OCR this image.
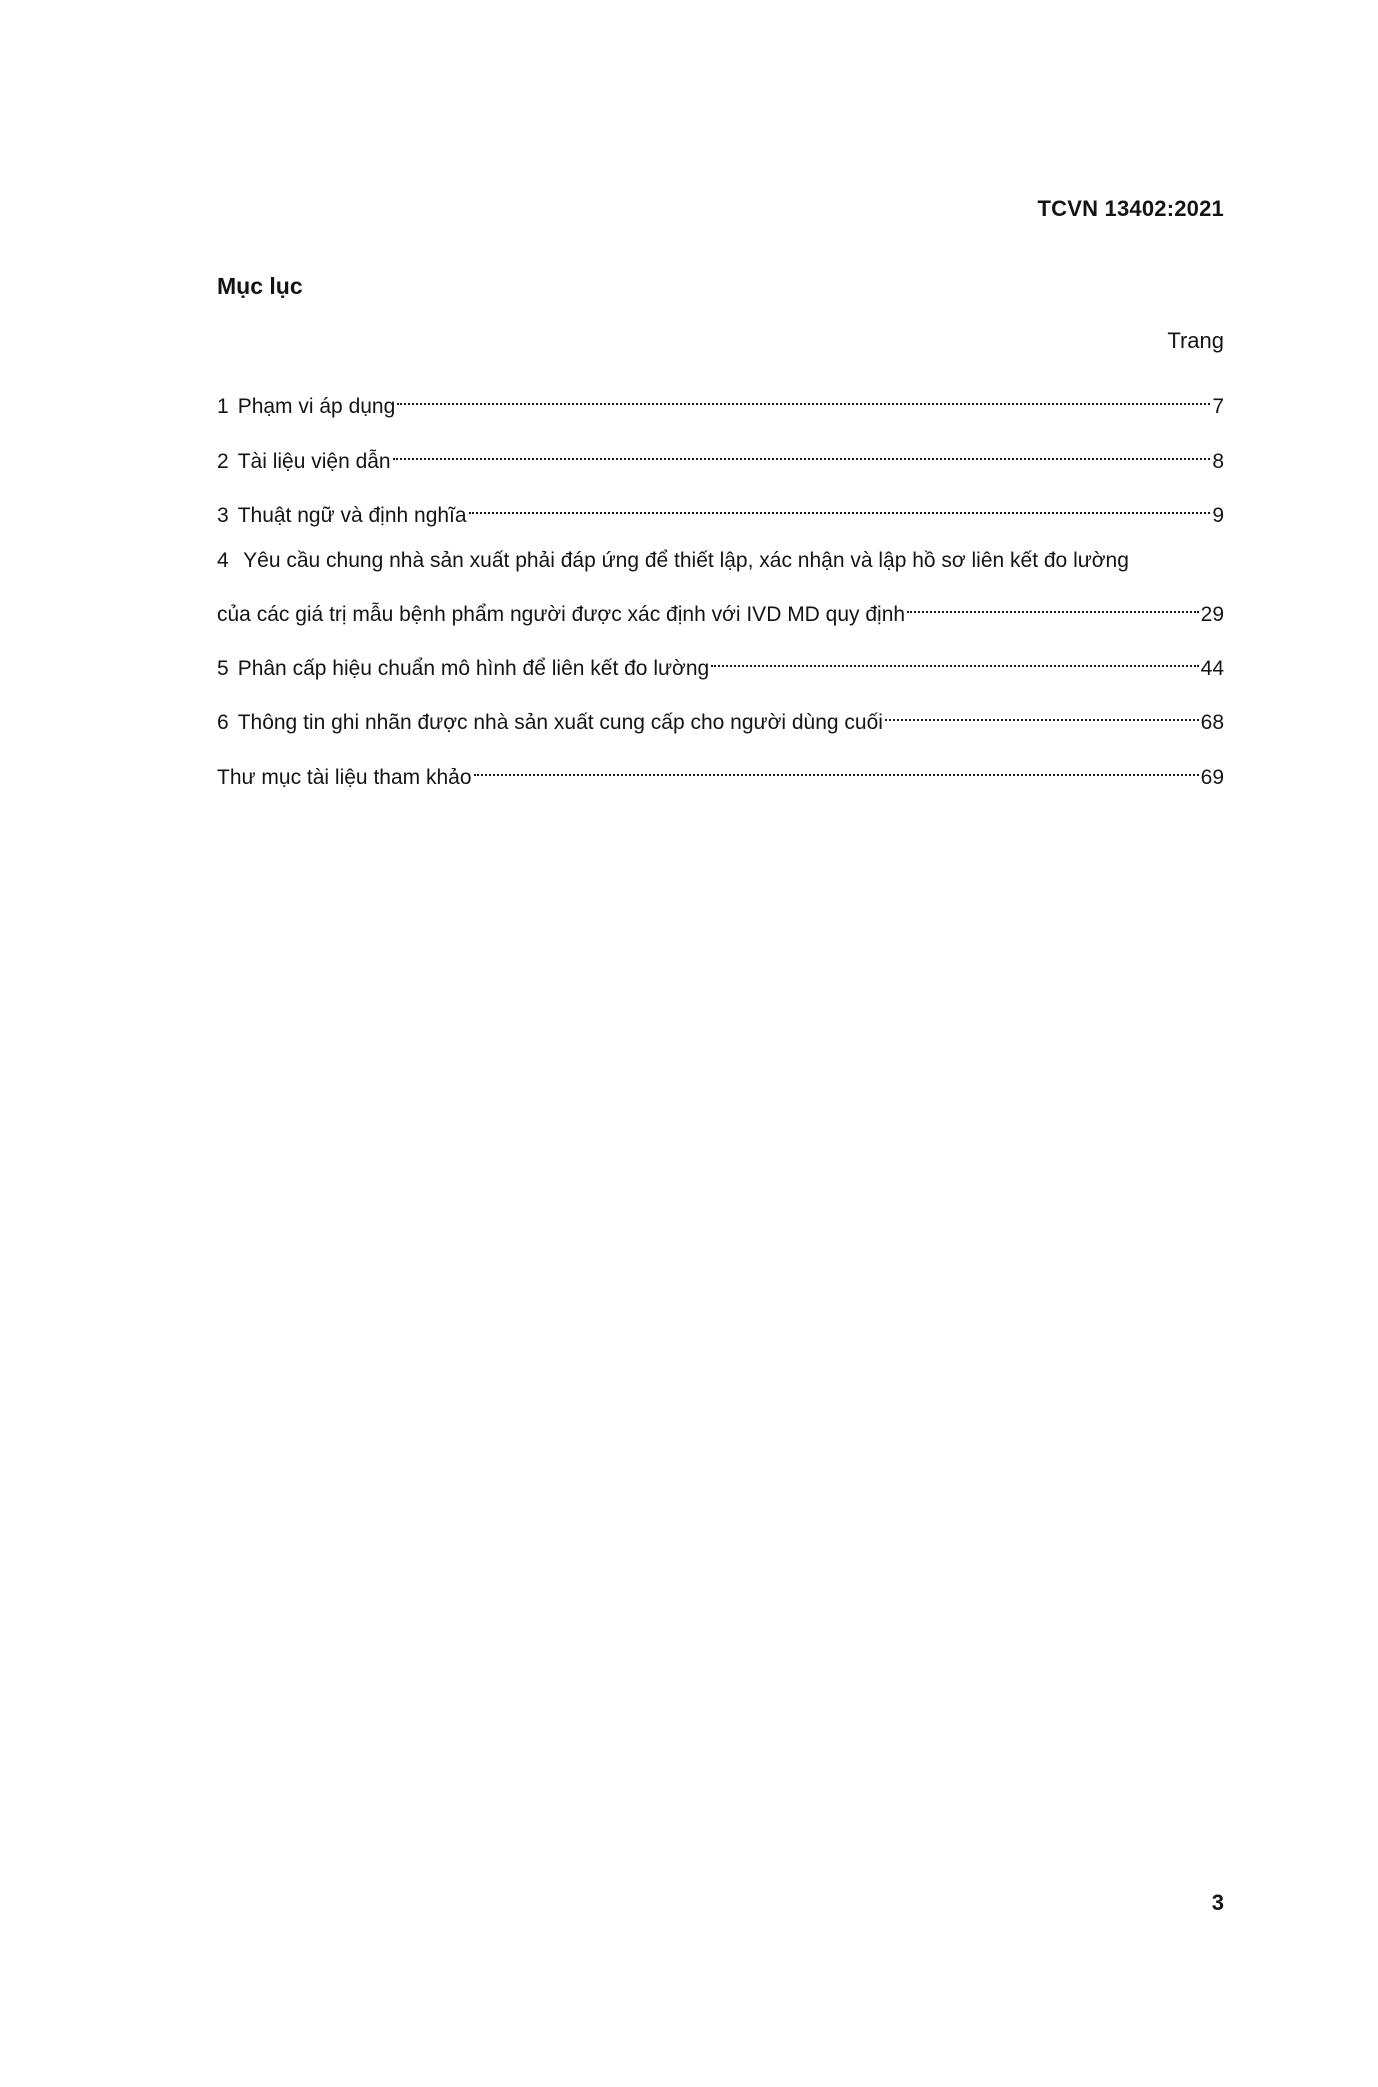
TCVN 13402:2021
Mục lục
Trang
1 Phạm vi áp dụng	7
2 Tài liệu viện dẫn	8
3 Thuật ngữ và định nghĩa	9
4 Yêu cầu chung nhà sản xuất phải đáp ứng để thiết lập, xác nhận và lập hồ sơ liên kết đo lường
của các giá trị mẫu bệnh phẩm người được xác định với IVD MD quy định	29
5 Phân cấp hiệu chuẩn mô hình để liên kết đo lường	44
6 Thông tin ghi nhãn được nhà sản xuất cung cấp cho người dùng cuối	68
Thư mục tài liệu tham khảo	69
3
